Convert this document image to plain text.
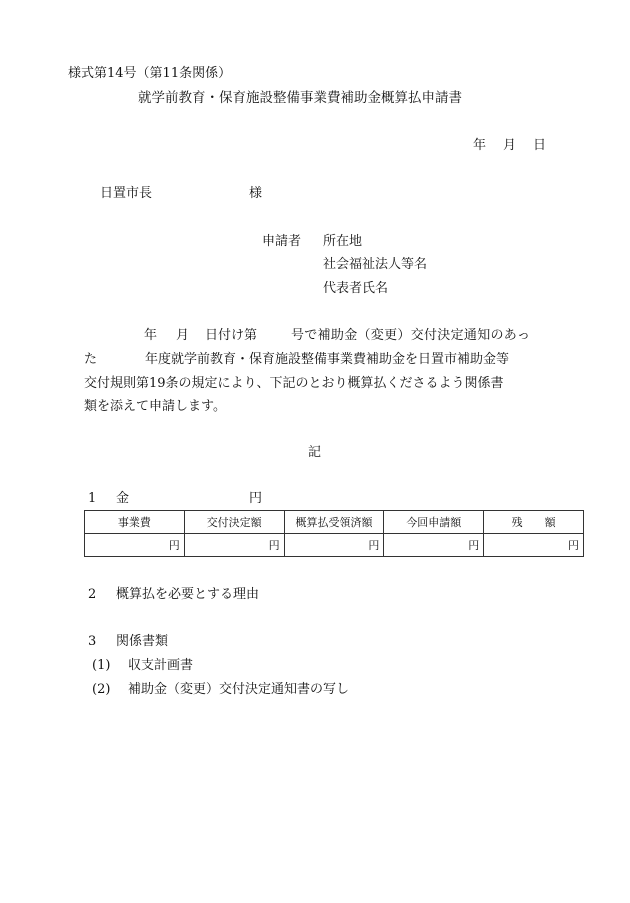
様式第14号（第11条関係）
就学前教育・保育施設整備事業費補助金概算払申請書
年 月 日
日置市長	様
申請者 所在地
社会福祉法人等名
代表者氏名
年 月 日付け第	号で補助金（変更）交付決定通知のあっ
た	年度就学前教育・保育施設整備事業費補助金を日置市補助金等
交付規則第19条の規定により、下記のとおり概算払くださるよう関係書
類を添えて申請します。
記
1 金	円
事業費	交付決定額	概算払受領済額	今回申請額	残　　額
円	円	円	円	円
2 概算払を必要とする理由
3 関係書類
(1) 収支計画書
(2) 補助金（変更）交付決定通知書の写し
